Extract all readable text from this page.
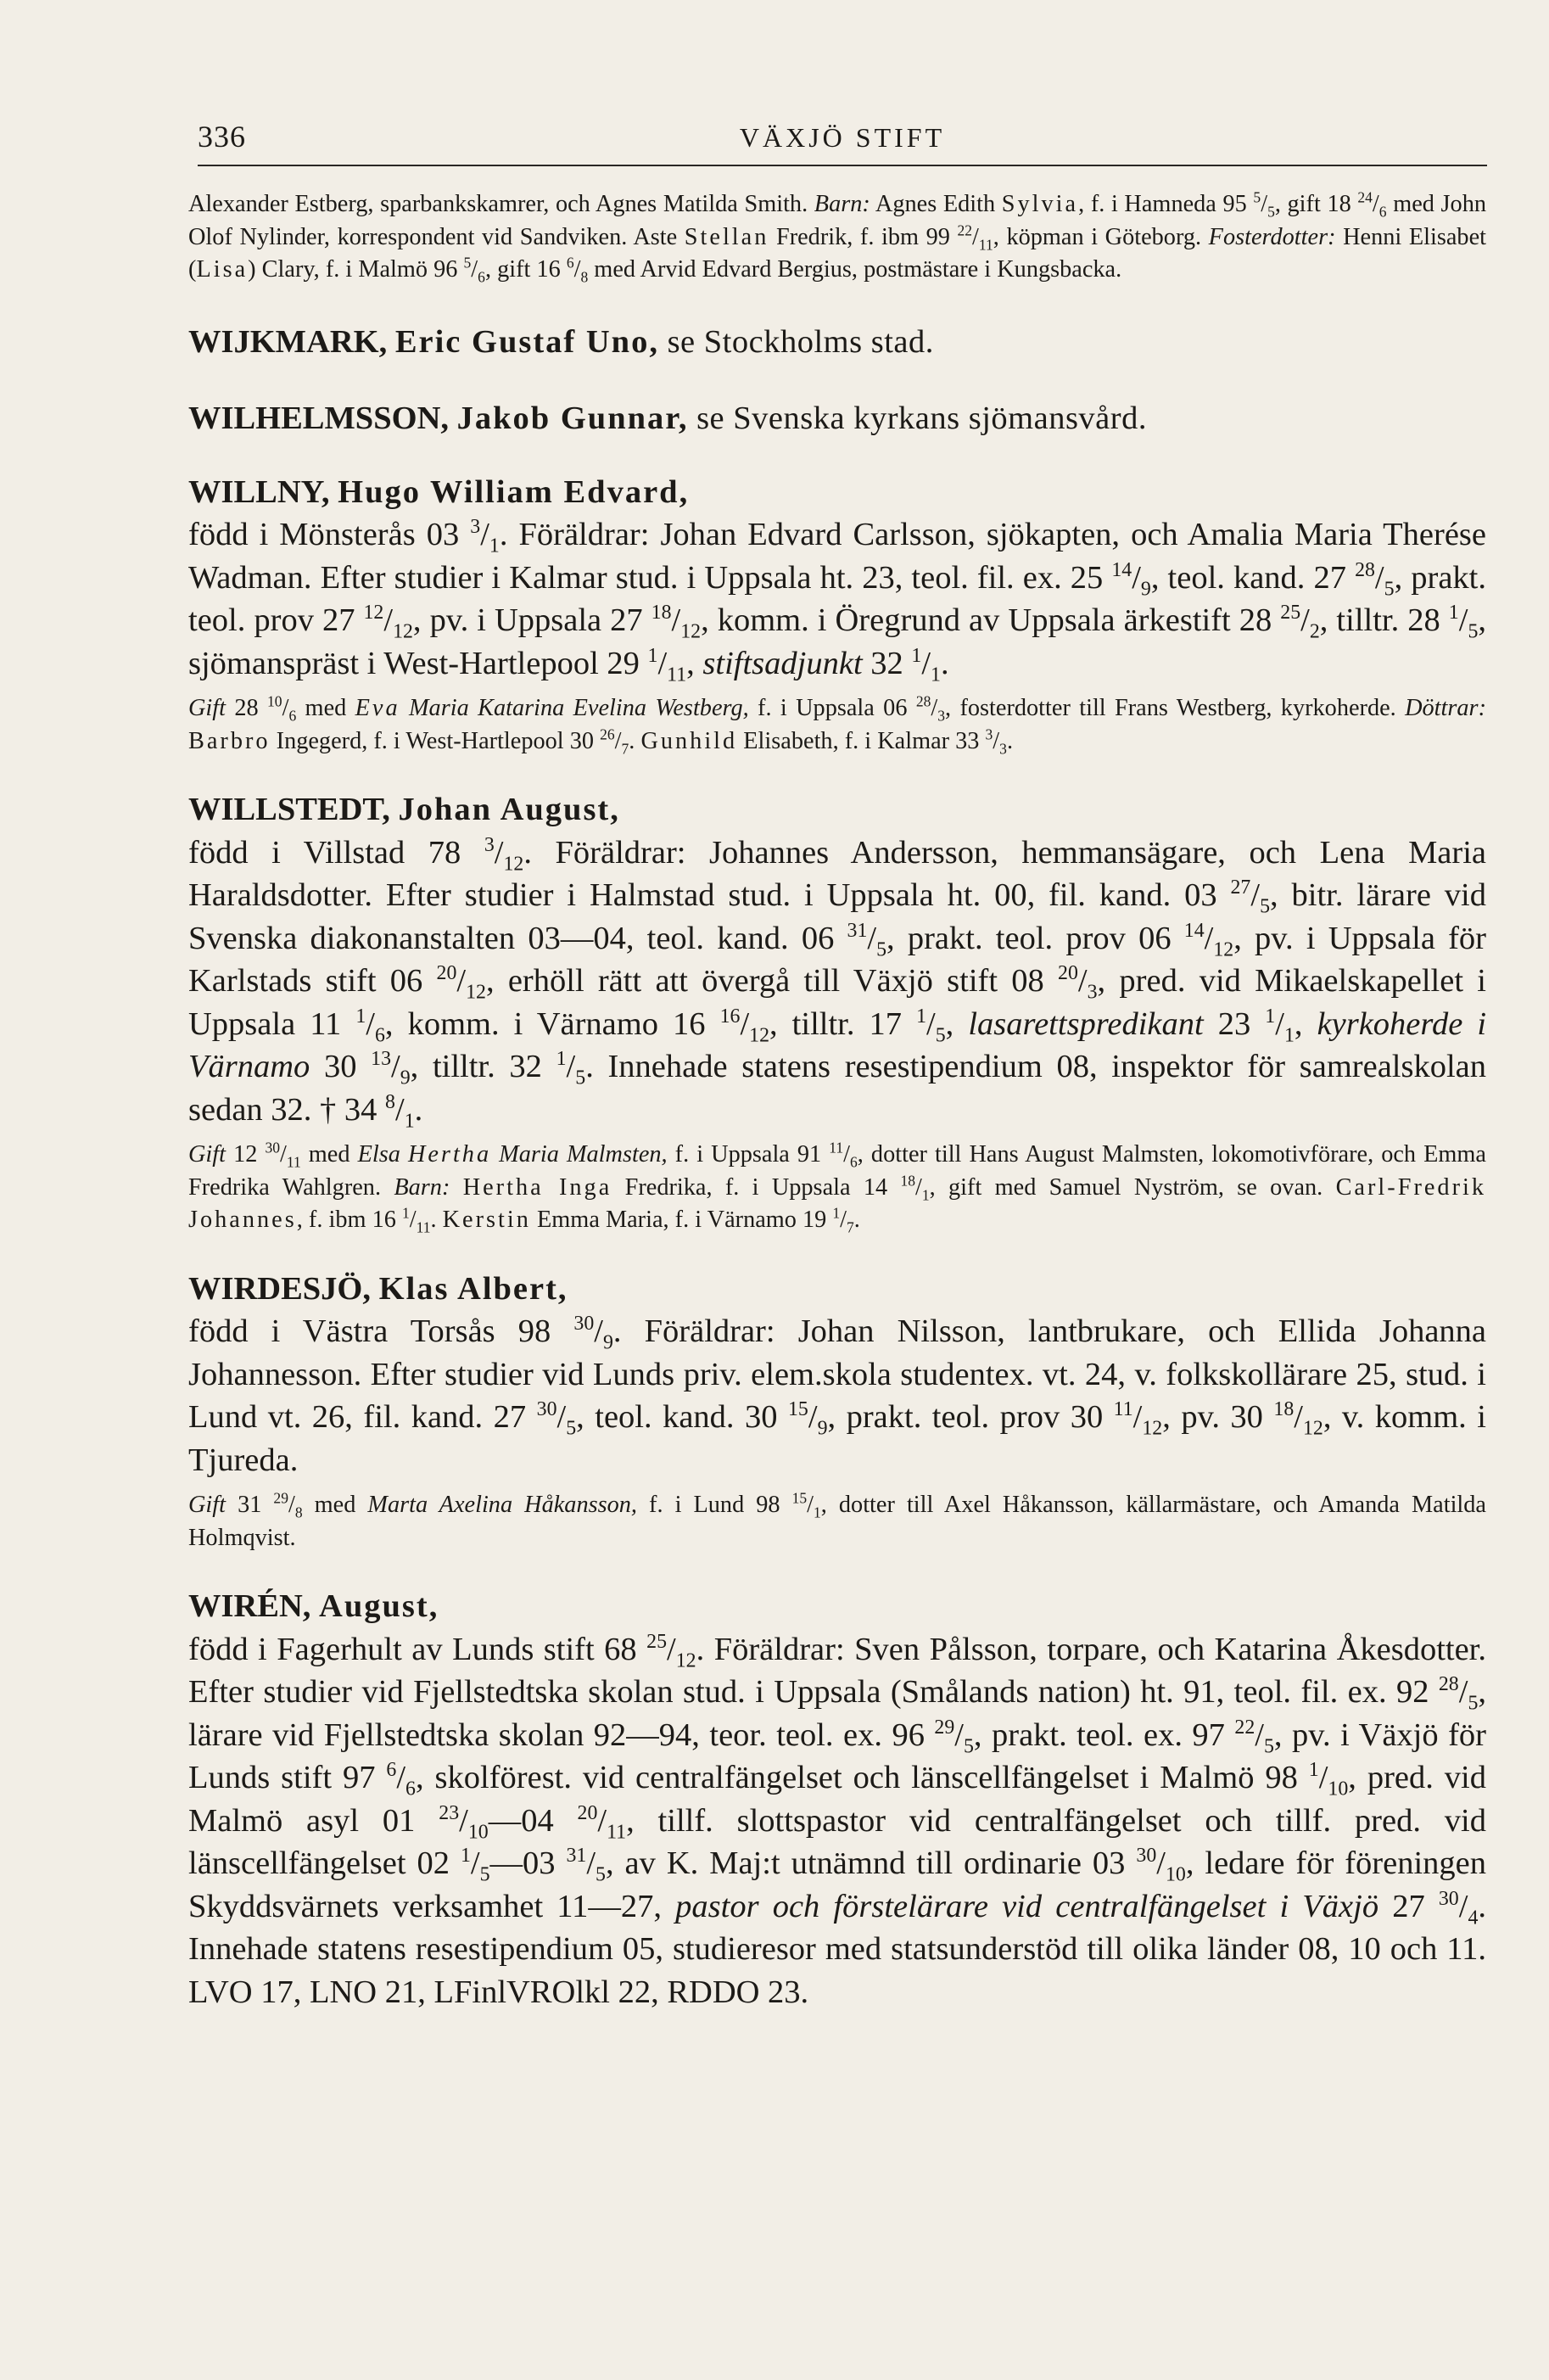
336	VÄXJÖ STIFT

Alexander Estberg, sparbankskamrer, och Agnes Matilda Smith. Barn: Agnes Edith Sylvia, f. i Hamneda 95 $^5/_5$, gift 18 $^{24}/_6$ med John Olof Nylinder, korrespondent vid Sandviken. Aste Stellan Fredrik, f. ibm 99 $^{22}/_{11}$, köpman i Göteborg. Fosterdotter: Henni Elisabet (Lisa) Clary, f. i Malmö 96 $^5/_6$, gift 16 $^6/_8$ med Arvid Edvard Bergius, postmästare i Kungsbacka.

WIJKMARK, Eric Gustaf Uno, se Stockholms stad.

WILHELMSSON, Jakob Gunnar, se Svenska kyrkans sjömansvård.

WILLNY, Hugo William Edvard,

född i Mönsterås 03 $^3/_1$. Föräldrar: Johan Edvard Carlsson, sjökapten, och Amalia Maria Therése Wadman. Efter studier i Kalmar stud. i Uppsala ht. 23, teol. fil. ex. 25 $^{14}/_9$, teol. kand. 27 $^{28}/_5$, prakt. teol. prov 27 $^{12}/_{12}$, pv. i Uppsala 27 $^{18}/_{12}$, komm. i Öregrund av Uppsala ärkestift 28 $^{25}/_2$, tilltr. 28 $^1/_5$, sjömanspräst i West-Hartlepool 29 $^1/_{11}$, stiftsadjunkt 32 $^1/_1$.

Gift 28 $^{10}/_6$ med Eva Maria Katarina Evelina Westberg, f. i Uppsala 06 $^{28}/_3$, fosterdotter till Frans Westberg, kyrkoherde. Döttrar: Barbro Ingegerd, f. i West-Hartlepool 30 $^{26}/_7$. Gunhild Elisabeth, f. i Kalmar 33 $^3/_3$.

WILLSTEDT, Johan August,

född i Villstad 78 $^3/_{12}$. Föräldrar: Johannes Andersson, hemmansägare, och Lena Maria Haraldsdotter. Efter studier i Halmstad stud. i Uppsala ht. 00, fil. kand. 03 $^{27}/_5$, bitr. lärare vid Svenska diakonanstalten 03—04, teol. kand. 06 $^{31}/_5$, prakt. teol. prov 06 $^{14}/_{12}$, pv. i Uppsala för Karlstads stift 06 $^{20}/_{12}$, erhöll rätt att övergå till Växjö stift 08 $^{20}/_3$, pred. vid Mikaelskapellet i Uppsala 11 $^1/_6$, komm. i Värnamo 16 $^{16}/_{12}$, tilltr. 17 $^1/_5$, lasarettspredikant 23 $^1/_1$, kyrkoherde i Värnamo 30 $^{13}/_9$, tilltr. 32 $^1/_5$. Innehade statens resestipendium 08, inspektor för samrealskolan sedan 32. † 34 $^8/_1$.

Gift 12 $^{30}/_{11}$ med Elsa Hertha Maria Malmsten, f. i Uppsala 91 $^{11}/_6$, dotter till Hans August Malmsten, lokomotivförare, och Emma Fredrika Wahlgren. Barn: Hertha Inga Fredrika, f. i Uppsala 14 $^{18}/_1$, gift med Samuel Nyström, se ovan. Carl-Fredrik Johannes, f. ibm 16 $^1/_{11}$. Kerstin Emma Maria, f. i Värnamo 19 $^1/_7$.

WIRDESJÖ, Klas Albert,

född i Västra Torsås 98 $^{30}/_9$. Föräldrar: Johan Nilsson, lantbrukare, och Ellida Johanna Johannesson. Efter studier vid Lunds priv. elem.skola studentex. vt. 24, v. folkskollärare 25, stud. i Lund vt. 26, fil. kand. 27 $^{30}/_5$, teol. kand. 30 $^{15}/_9$, prakt. teol. prov 30 $^{11}/_{12}$, pv. 30 $^{18}/_{12}$, v. komm. i Tjureda.

Gift 31 $^{29}/_8$ med Marta Axelina Håkansson, f. i Lund 98 $^{15}/_1$, dotter till Axel Håkansson, källarmästare, och Amanda Matilda Holmqvist.

WIRÉN, August,

född i Fagerhult av Lunds stift 68 $^{25}/_{12}$. Föräldrar: Sven Pålsson, torpare, och Katarina Åkesdotter. Efter studier vid Fjellstedtska skolan stud. i Uppsala (Smålands nation) ht. 91, teol. fil. ex. 92 $^{28}/_5$, lärare vid Fjellstedtska skolan 92—94, teor. teol. ex. 96 $^{29}/_5$, prakt. teol. ex. 97 $^{22}/_5$, pv. i Växjö för Lunds stift 97 $^6/_6$, skolförest. vid centralfängelset och länscellfängelset i Malmö 98 $^1/_{10}$, pred. vid Malmö asyl 01 $^{23}/_{10}—04$ $^{20}/_{11}$, tillf. slottspastor vid centralfängelset och tillf. pred. vid länscellfängelset 02 $^1/_5—03$ $^{31}/_5$, av K. Maj:t utnämnd till ordinarie 03 $^{30}/_{10}$, ledare för föreningen Skyddsvärnets verksamhet 11—27, pastor och förstelärare vid centralfängelset i Växjö 27 $^{30}/_4$. Innehade statens resestipendium 05, studieresor med statsunderstöd till olika länder 08, 10 och 11. LVO 17, LNO 21, LFinlVROlkl 22, RDDO 23.
